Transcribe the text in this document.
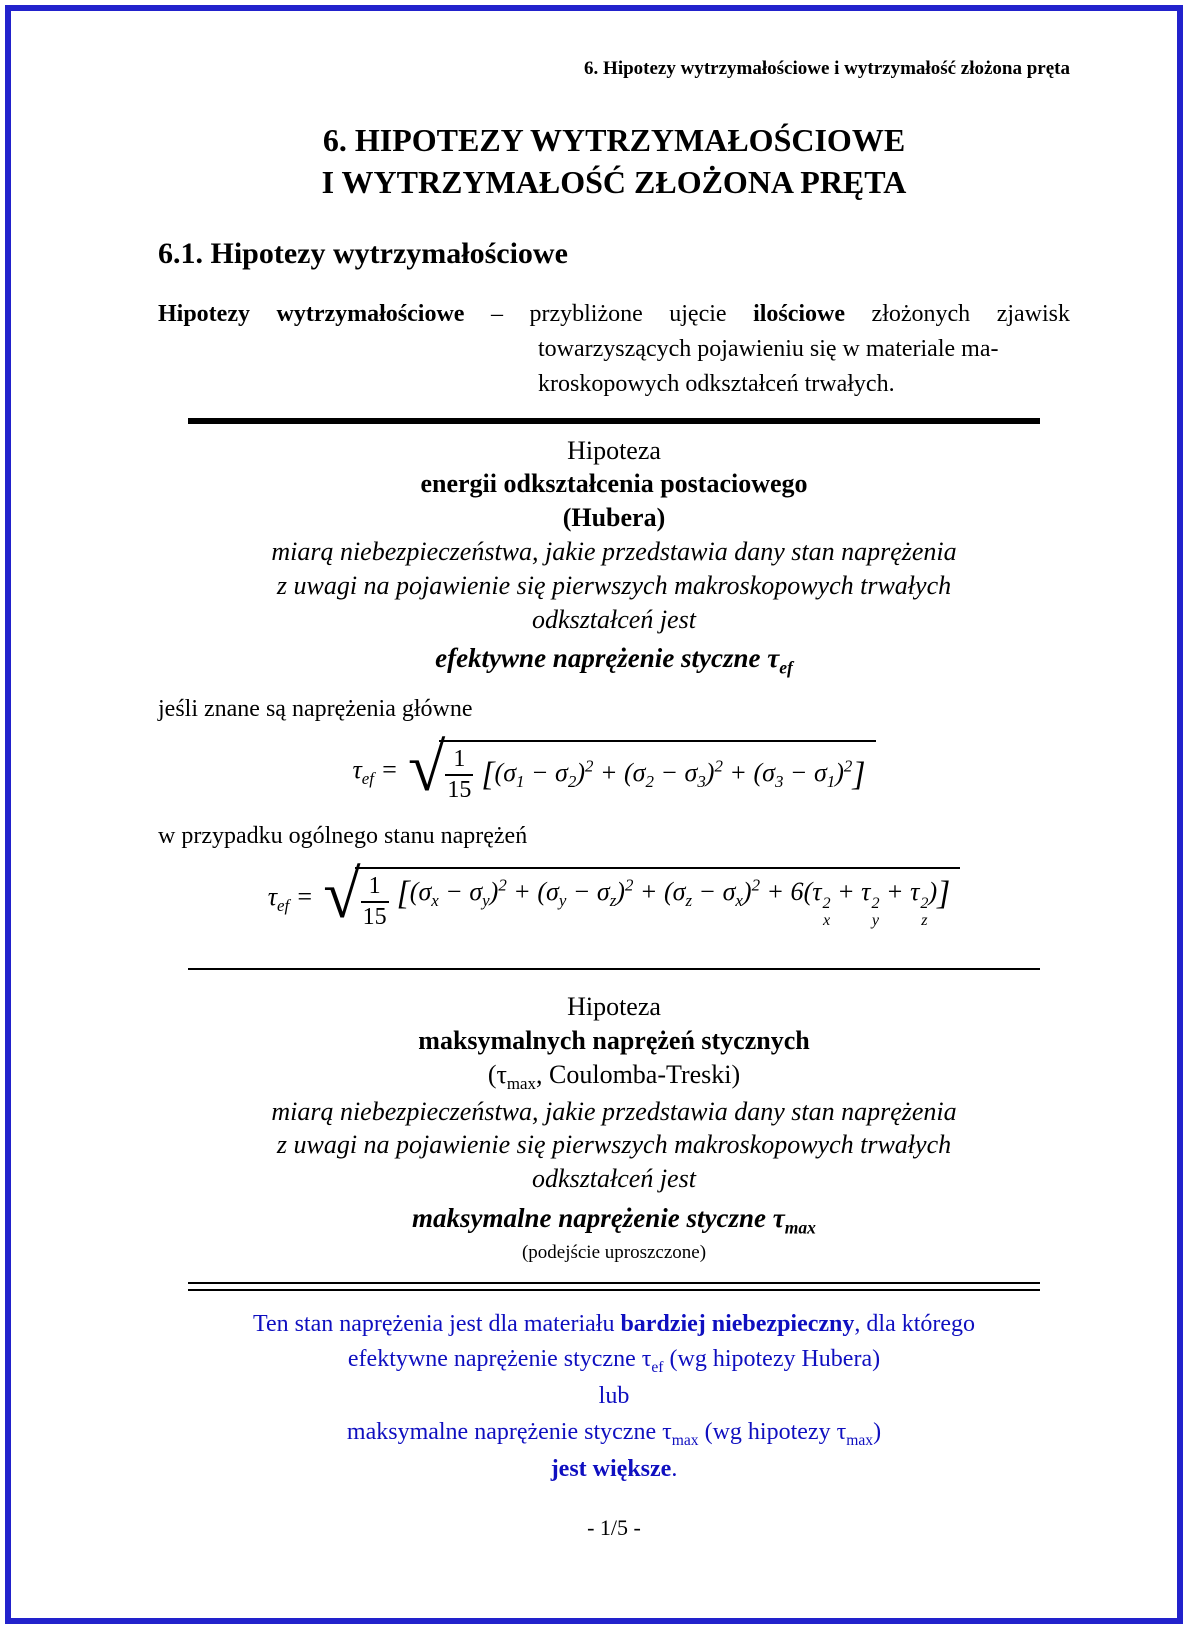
6. Hipotezy wytrzymałościowe i wytrzymałość złożona pręta
6. HIPOTEZY WYTRZYMAŁOŚCIOWE
I WYTRZYMAŁOŚĆ ZŁOŻONA PRĘTA
6.1. Hipotezy wytrzymałościowe
Hipotezy wytrzymałościowe – przybliżone ujęcie ilościowe złożonych zjawisk
towarzyszących pojawieniu się w materiale ma-
kroskopowych odkształceń trwałych.
Hipoteza
energii odkształcenia postaciowego
(Hubera)
miarą niebezpieczeństwa, jakie przedstawia dany stan naprężenia
z uwagi na pojawienie się pierwszych makroskopowych trwałych
odkształceń jest
efektywne naprężenie styczne $\tau_{ef}$
jeśli znane są naprężenia główne
$\tau_{ef}$ = √ $\frac{1}{15} [(\sigma_1 - \sigma_2)^2 + (\sigma_2 - \sigma_3)^2 + (\sigma_3 - \sigma_1)^2]$
w przypadku ogólnego stanu naprężeń
$\tau_{ef}$ = √ $\frac{1}{15} [(\sigma_x - \sigma_y)^2 + (\sigma_y - \sigma_z)^2 + (\sigma_z - \sigma_x)^2 + 6(\tau$ 2
x
+ τ 2
y
+ τ 2
z
)]
Hipoteza
maksymalnych naprężeń stycznych
($\tau_{max}$, Coulomba-Treski)
miarą niebezpieczeństwa, jakie przedstawia dany stan naprężenia
z uwagi na pojawienie się pierwszych makroskopowych trwałych
odkształceń jest
maksymalne naprężenie styczne $\tau_{max}$
(podejście uproszczone)
Ten stan naprężenia jest dla materiału bardziej niebezpieczny, dla którego
efektywne naprężenie styczne $\tau_{ef}$ (wg hipotezy Hubera)
lub
maksymalne naprężenie styczne $\tau_{max}$ (wg hipotezy $\tau_{max}$)
jest większe.
- 1/5 -
